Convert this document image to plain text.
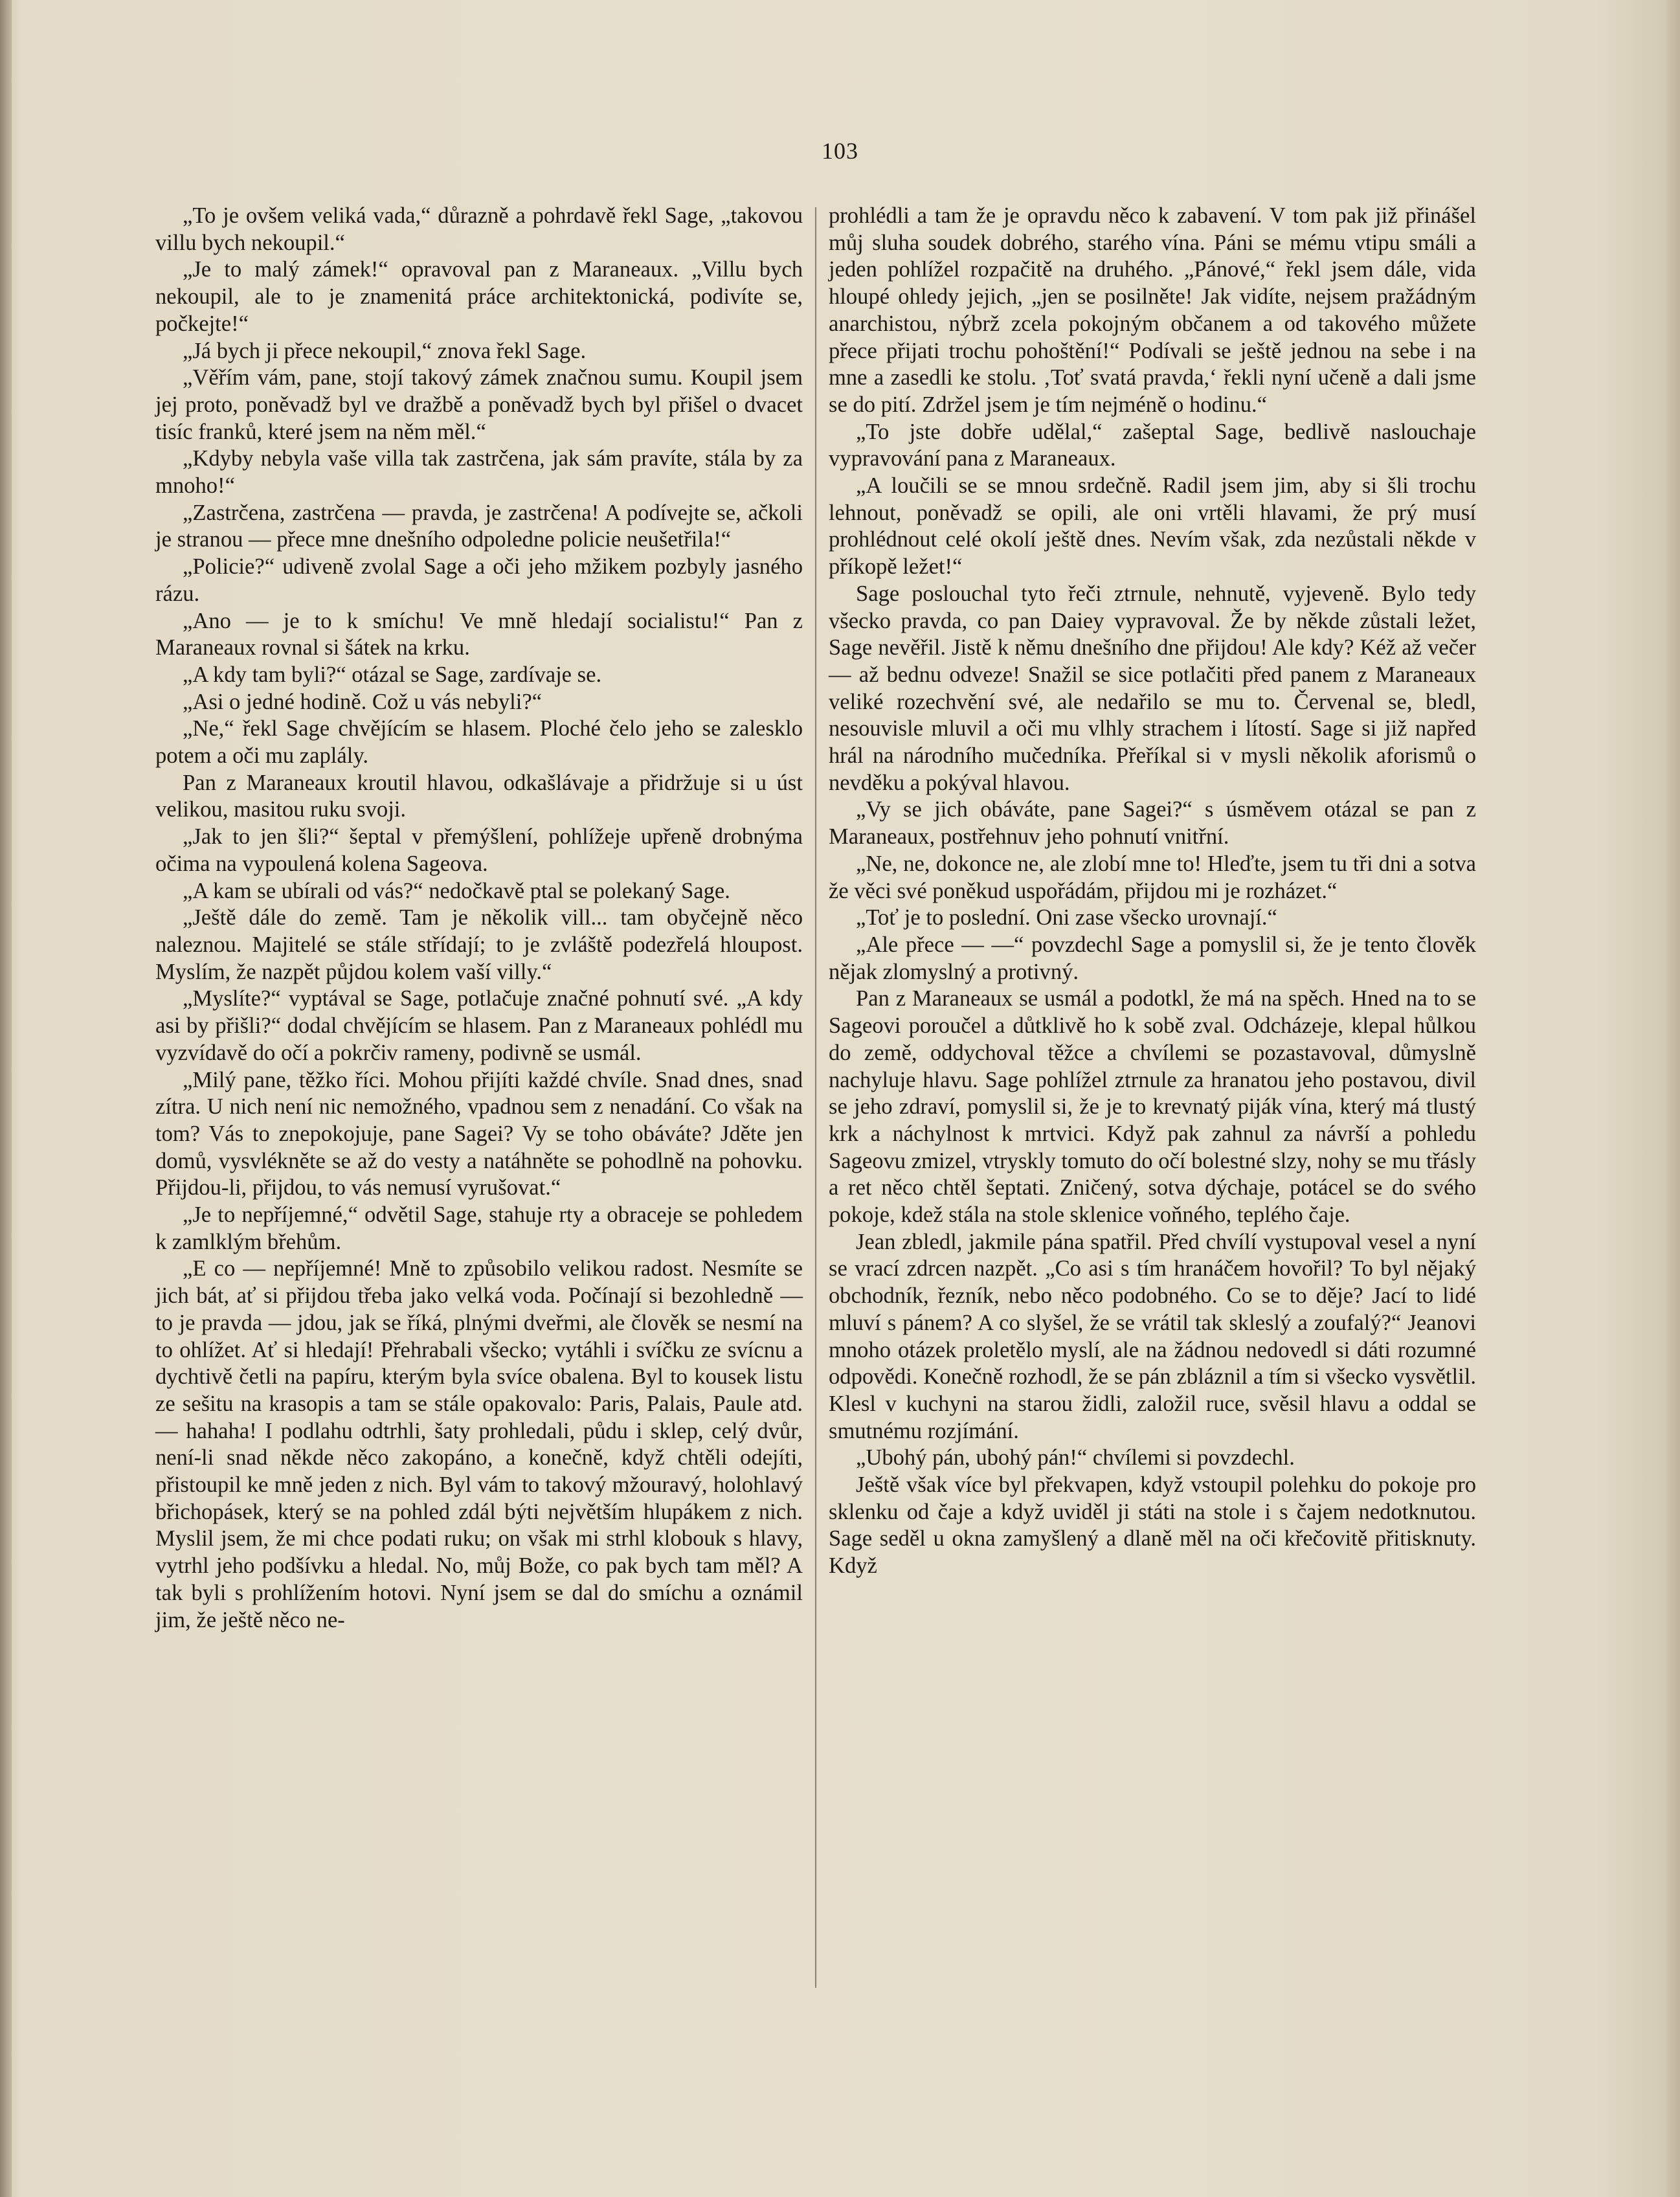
103

„To je ovšem veliká vada,“ důrazně a pohrdavě řekl Sage, „takovou villu bych nekoupil.“

„Je to malý zámek!“ opravoval pan z Maraneaux. „Villu bych nekoupil, ale to je znamenitá práce architektonická, podivíte se, počkejte!“

„Já bych ji přece nekoupil,“ znova řekl Sage.

„Věřím vám, pane, stojí takový zámek značnou sumu. Koupil jsem jej proto, poněvadž byl ve dražbě a poněvadž bych byl přišel o dvacet tisíc franků, které jsem na něm měl.“

„Kdyby nebyla vaše villa tak zastrčena, jak sám pravíte, stála by za mnoho!“

„Zastrčena, zastrčena — pravda, je zastrčena! A podívejte se, ačkoli je stranou — přece mne dnešního odpoledne policie neušetřila!“

„Policie?“ udiveně zvolal Sage a oči jeho mžikem pozbyly jasného rázu.

„Ano — je to k smíchu! Ve mně hledají socialistu!“ Pan z Maraneaux rovnal si šátek na krku.

„A kdy tam byli?“ otázal se Sage, zardívaje se.

„Asi o jedné hodině. Což u vás nebyli?“

„Ne,“ řekl Sage chvějícím se hlasem. Ploché čelo jeho se zalesklo potem a oči mu zaplály.

Pan z Maraneaux kroutil hlavou, odkašlávaje a přidržuje si u úst velikou, masitou ruku svoji.

„Jak to jen šli?“ šeptal v přemýšlení, pohlížeje upřeně drobnýma očima na vypoulená kolena Sageova.

„A kam se ubírali od vás?“ nedočkavě ptal se polekaný Sage.

„Ještě dále do země. Tam je několik vill... tam obyčejně něco naleznou. Majitelé se stále střídají; to je zvláště podezřelá hloupost. Myslím, že nazpět půjdou kolem vaší villy.“

„Myslíte?“ vyptával se Sage, potlačuje značné pohnutí své. „A kdy asi by přišli?“ dodal chvějícím se hlasem. Pan z Maraneaux pohlédl mu vyzvídavě do očí a pokrčiv rameny, podivně se usmál.

„Milý pane, těžko říci. Mohou přijíti každé chvíle. Snad dnes, snad zítra. U nich není nic nemožného, vpadnou sem z nenadání. Co však na tom? Vás to znepokojuje, pane Sagei? Vy se toho obáváte? Jděte jen domů, vysvlékněte se až do vesty a natáhněte se pohodlně na pohovku. Přijdou-li, přijdou, to vás nemusí vyrušovat.“

„Je to nepříjemné,“ odvětil Sage, stahuje rty a obraceje se pohledem k zamlklým břehům.

„E co — nepříjemné! Mně to způsobilo velikou radost. Nesmíte se jich bát, ať si přijdou třeba jako velká voda. Počínají si bezohledně — to je pravda — jdou, jak se říká, plnými dveřmi, ale člověk se nesmí na to ohlížet. Ať si hledají! Přehrabali všecko; vytáhli i svíčku ze svícnu a dychtivě četli na papíru, kterým byla svíce obalena. Byl to kousek listu ze sešitu na krasopis a tam se stále opakovalo: Paris, Palais, Paule atd. — hahaha! I podlahu odtrhli, šaty prohledali, půdu i sklep, celý dvůr, není-li snad někde něco zakopáno, a konečně, když chtěli odejíti, přistoupil ke mně jeden z nich. Byl vám to takový mžouravý, holohlavý břichopásek, který se na pohled zdál býti největším hlupákem z nich. Myslil jsem, že mi chce podati ruku; on však mi strhl klobouk s hlavy, vytrhl jeho podšívku a hledal. No, můj Bože, co pak bych tam měl? A tak byli s prohlížením hotovi. Nyní jsem se dal do smíchu a oznámil jim, že ještě něco ne-

prohlédli a tam že je opravdu něco k zabavení. V tom pak již přinášel můj sluha soudek dobrého, starého vína. Páni se mému vtipu smáli a jeden pohlížel rozpačitě na druhého. „Pánové,“ řekl jsem dále, vida hloupé ohledy jejich, „jen se posilněte! Jak vidíte, nejsem pražádným anarchistou, nýbrž zcela pokojným občanem a od takového můžete přece přijati trochu pohoštění!“ Podívali se ještě jednou na sebe i na mne a zasedli ke stolu. ‚Toť svatá pravda,‘ řekli nyní učeně a dali jsme se do pití. Zdržel jsem je tím nejméně o hodinu.“

„To jste dobře udělal,“ zašeptal Sage, bedlivě naslouchaje vypravování pana z Maraneaux.

„A loučili se se mnou srdečně. Radil jsem jim, aby si šli trochu lehnout, poněvadž se opili, ale oni vrtěli hlavami, že prý musí prohlédnout celé okolí ještě dnes. Nevím však, zda nezůstali někde v příkopě ležet!“

Sage poslouchal tyto řeči ztrnule, nehnutě, vyjeveně. Bylo tedy všecko pravda, co pan Daiey vypravoval. Že by někde zůstali ležet, Sage nevěřil. Jistě k němu dnešního dne přijdou! Ale kdy? Kéž až večer — až bednu odveze! Snažil se sice potlačiti před panem z Maraneaux veliké rozechvění své, ale nedařilo se mu to. Červenal se, bledl, nesouvisle mluvil a oči mu vlhly strachem i lítostí. Sage si již napřed hrál na národního mučedníka. Přeříkal si v mysli několik aforismů o nevděku a pokýval hlavou.

„Vy se jich obáváte, pane Sagei?“ s úsměvem otázal se pan z Maraneaux, postřehnuv jeho pohnutí vnitřní.

„Ne, ne, dokonce ne, ale zlobí mne to! Hleďte, jsem tu tři dni a sotva že věci své poněkud uspořádám, přijdou mi je rozházet.“

„Toť je to poslední. Oni zase všecko urovnají.“

„Ale přece — —“ povzdechl Sage a pomyslil si, že je tento člověk nějak zlomyslný a protivný.

Pan z Maraneaux se usmál a podotkl, že má na spěch. Hned na to se Sageovi poroučel a důtklivě ho k sobě zval. Odcházeje, klepal hůlkou do země, oddychoval těžce a chvílemi se pozastavoval, důmyslně nachyluje hlavu. Sage pohlížel ztrnule za hranatou jeho postavou, divil se jeho zdraví, pomyslil si, že je to krevnatý piják vína, který má tlustý krk a náchylnost k mrtvici. Když pak zahnul za návrší a pohledu Sageovu zmizel, vtryskly tomuto do očí bolestné slzy, nohy se mu třásly a ret něco chtěl šeptati. Zničený, sotva dýchaje, potácel se do svého pokoje, kdež stála na stole sklenice voňného, teplého čaje.

Jean zbledl, jakmile pána spatřil. Před chvílí vystupoval vesel a nyní se vrací zdrcen nazpět. „Co asi s tím hranáčem hovořil? To byl nějaký obchodník, řezník, nebo něco podobného. Co se to děje? Jací to lidé mluví s pánem? A co slyšel, že se vrátil tak skleslý a zoufalý?“ Jeanovi mnoho otázek proletělo myslí, ale na žádnou nedovedl si dáti rozumné odpovědi. Konečně rozhodl, že se pán zbláznil a tím si všecko vysvětlil. Klesl v kuchyni na starou židli, založil ruce, svěsil hlavu a oddal se smutnému rozjímání.

„Ubohý pán, ubohý pán!“ chvílemi si povzdechl.

Ještě však více byl překvapen, když vstoupil polehku do pokoje pro sklenku od čaje a když uviděl ji státi na stole i s čajem nedotknutou. Sage seděl u okna zamyšlený a dlaně měl na oči křečovitě přitisknuty. Když
